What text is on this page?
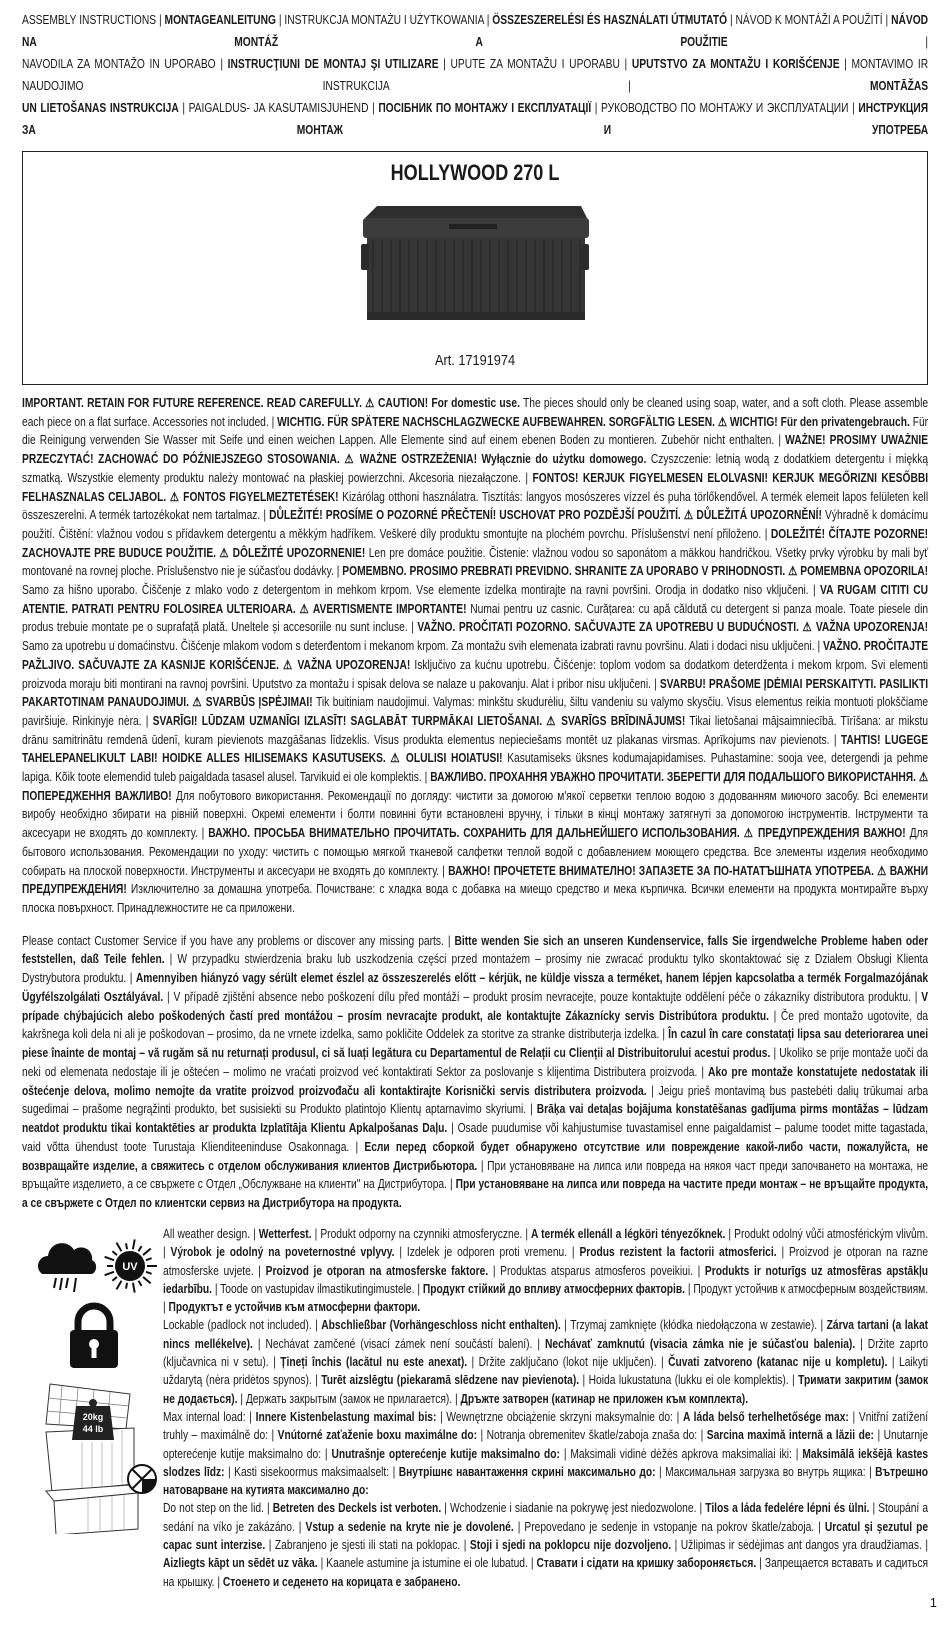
ASSEMBLY INSTRUCTIONS | MONTAGEANLEITUNG | INSTRUKCJA MONTAŻU I UŻYTKOWANIA | ÖSSZESZERELÉSI ÉS HASZNÁLATI ÚTMUTATÓ | NÁVOD K MONTÁŽI A POUŽITÍ | NÁVOD NA MONTÁŽ A POUŽITIE |
NAVODILA ZA MONTAŽO IN UPORABO | INSTRUCŢIUNI DE MONTAJ ŞI UTILIZARE | UPUTE ZA MONTAŽU I UPORABU | UPUTSTVO ZA MONTAŽU I KORIŠĆENJE | MONTAVIMO IR NAUDOJIMO INSTRUKCIJA | MONTĀŽAS
UN LIETOŠANAS INSTRUKCIJA | PAIGALDUS- JA KASUTAMISJUHEND | ПОСІБНИК ПО МОНТАЖУ І ЕКСПЛУАТАЦІЇ | РУКОВОДСТВО ПО МОНТАЖУ И ЭКСПЛУАТАЦИИ | ИНСТРУКЦИЯ ЗА МОНТАЖ И УПОТРЕБА
HOLLYWOOD 270 L
Art. 17191974
IMPORTANT. RETAIN FOR FUTURE REFERENCE. READ CAREFULLY. ⚠ CAUTION! For domestic use. The pieces should only be cleaned using soap, water, and a soft cloth. Please assemble each piece on a flat surface. Accessories not included. | WICHTIG. FÜR SPÄTERE NACHSCHLAGZWECKE AUFBEWAHREN. SORGFÄLTIG LESEN. ⚠ WICHTIG! Für den privatengebrauch. Für die Reinigung verwenden Sie Wasser mit Seife und einen weichen Lappen. Alle Elemente sind auf einem ebenen Boden zu montieren. Zubehör nicht enthalten. | WAŻNE! PROSIMY UWAŻNIE PRZECZYTAĆ! ZACHOWAĆ DO PÓŹNIEJSZEGO STOSOWANIA. ⚠ WAŻNE OSTRZEŻENIA! Wyłącznie do użytku domowego. Czyszczenie: letnią wodą z dodatkiem detergentu i miękką szmatką. Wszystkie elementy produktu należy montować na płaskiej powierzchni. Akcesoria niezałączone. | FONTOS! KERJUK FIGYELMESEN ELOLVASNI! KERJUK MEGŐRIZNI KESŐBBI FELHASZNALAS CELJABOL. ⚠ FONTOS FIGYELMEZTETÉSEK! Kizárólag otthoni használatra. Tisztítás: langyos mosószeres vízzel és puha törlőkendővel. A termék elemeit lapos felületen kell összeszerelni. A termék tartozékokat nem tartalmaz. | DŮLEŽITÉ! PROSÍME O POZORNÉ PŘEČTENÍ! USCHOVAT PRO POZDĚJŠÍ POUŽITÍ. ⚠ DŮLEŽITÁ UPOZORNĚNÍ! Výhradně k domácímu použití. Čištění: vlažnou vodou s přídavkem detergentu a měkkým hadříkem. Veškeré díly produktu smontujte na plochém povrchu. Příslušenství není přiloženo. | DOLEŽITÉ! ČÍTAJTE POZORNE! ZACHOVAJTE PRE BUDUCE POUŽITIE. ⚠ DÔLEŽITÉ UPOZORNENIE! Len pre domáce použitie. Čistenie: vlažnou vodou so saponátom a mäkkou handričkou. Všetky prvky výrobku by mali byť montované na rovnej ploche. Príslušenstvo nie je súčasťou dodávky. | POMEMBNO. PROSIMO PREBRATI PREVIDNO. SHRANITE ZA UPORABO V PRIHODNOSTI. ⚠ POMEMBNA OPOZORILA! Samo za hišno uporabo. Čiščenje z mlako vodo z detergentom in mehkom krpom. Vse elemente izdelka montirajte na ravni površini. Orodja in dodatko niso vključeni. | VA RUGAM CITITI CU ATENTIE. PATRATI PENTRU FOLOSIREA ULTERIOARA. ⚠ AVERTISMENTE IMPORTANTE! Numai pentru uz casnic. Curățarea: cu apă căldută cu detergent si panza moale. Toate piesele din produs trebuie montate pe o suprafață plată. Uneltele și accesoriile nu sunt incluse. | VAŽNO. PROČITATI POZORNO. SAČUVAJTE ZA UPOTREBU U BUDUĆNOSTI. ⚠ VAŽNA UPOZORENJA! Samo za upotrebu u domaćinstvu. Čišćenje mlakom vodom s deterđentom i mekanom krpom. Za montažu svih elemenata izabrati ravnu površinu. Alati i dodaci nisu uključeni. | VAŽNO. PROČITAJTE PAŽLJIVO. SAČUVAJTE ZA KASNIJE KORIŠĆENJE. ⚠ VAŽNA UPOZORENJA! Isključivo za kućnu upotrebu. Čišćenje: toplom vodom sa dodatkom deterdženta i mekom krpom. Svi elementi proizvoda moraju biti montirani na ravnoj površini. Uputstvo za montažu i spisak delova se nalaze u pakovanju. Alat i pribor nisu uključeni. | SVARBU! PRAŠOME ĮDĖMIAI PERSKAITYTI. PASILIKTI PAKARTOTINAM PANAUDOJIMUI. ⚠ SVARBŪS ĮSPĖJIMAI! Tik buitiniam naudojimui. Valymas: minkštu skudurėliu, šiltu vandeniu su valymo skysčiu. Visus elementus reikia montuoti plokščiame paviršiuje. Rinkinyje nėra. | SVARĪGI! LŪDZAM UZMANĪGI IZLASĪT! SAGLABĀT TURPMĀKAI LIETOŠANAI. ⚠ SVARĪGS BRĪDINĀJUMS! Tikai lietošanai mājsaimniecībā. Tīrīšana: ar mikstu drānu samitrinātu remdenā ūdenī, kuram pievienots mazgāšanas līdzeklis. Visus produkta elementus nepieciešams montēt uz plakanas virsmas. Aprīkojums nav pievienots. | TAHTIS! LUGEGE TAHELEPANELIKULT LABI! HOIDKE ALLES HILISEMAKS KASUTUSEKS. ⚠ OLULISI HOIATUSI! Kasutamiseks üksnes kodumajapidamises. Puhastamine: sooja vee, detergendi ja pehme lapiga. Kõik toote elemendid tuleb paigaldada tasasel alusel. Tarvikuid ei ole komplektis. | ВАЖЛИВО. ПРОХАННЯ УВАЖНО ПРОЧИТАТИ. ЗБЕРЕГТИ ДЛЯ ПОДАЛЬШОГО ВИКОРИСТАННЯ. ⚠ ПОПЕРЕДЖЕННЯ ВАЖЛИВО! Для побутового використання. Рекомендації по догляду: чистити за домогою м'якої серветки теплою водою з додованням миючого засобу. Всі елементи виробу необхідно збирати на рівній поверхні. Окремі елементи і болти повинні бути встановлені вручну, і тільки в кінці монтажу затягнуті за допомогою інструментів. Інструменти та аксесуари не входять до комплекту. | ВАЖНО. ПРОСЬБА ВНИМАТЕЛЬНО ПРОЧИТАТЬ. СОХРАНИТЬ ДЛЯ ДАЛЬНЕЙШЕГО ИСПОЛЬЗОВАНИЯ. ⚠ ПРЕДУПРЕЖДЕНИЯ ВАЖНО! Для бытового использования. Рекомендации по уходу: чистить с помощью мягкой тканевой салфетки теплой водой с добавлением моющего средства. Все элементы изделия необходимо собирать на плоской поверхности. Инструменты и аксесуари не входять до комплекту. | ВАЖНО! ПРОЧЕТЕТЕ ВНИМАТЕЛНО! ЗАПАЗЕТЕ ЗА ПО-НАТАТЪШНАТА УПОТРЕБА. ⚠ ВАЖНИ ПРЕДУПРЕЖДЕНИЯ! Изключително за домашна употреба. Почистване: с хладка вода с добавка на миещо средство и мека кърпичка. Всички елементи на продукта монтирайте върху плоска повърхност. Принадлежностите не са приложени.
Please contact Customer Service if you have any problems or discover any missing parts. | Bitte wenden Sie sich an unseren Kundenservice, falls Sie irgendwelche Probleme haben oder feststellen, daß Teile fehlen. | W przypadku stwierdzenia braku lub uszkodzenia części przed montażem – prosimy nie zwracać produktu tylko skontaktować się z Działem Obsługi Klienta Dystrybutora produktu. | Amennyiben hiányzó vagy sérült elemet észlel az összeszerelés előtt – kérjük, ne küldje vissza a terméket, hanem lépjen kapcsolatba a termék Forgalmazójának Ügyfélszolgálati Osztályával. | V případě zjištění absence nebo poškození dílu před montáží – produkt prosím nevracejte, pouze kontaktujte oddělení péče o zákazníky distributora produktu. | V prípade chýbajúcich alebo poškodených častí pred montážou – prosím nevracajte produkt, ale kontaktujte Zákaznícky servis Distribútora produktu. | Če pred montažo ugotovite, da kakršnega koli dela ni ali je poškodovan – prosimo, da ne vrnete izdelka, samo pokličite Oddelek za storitve za stranke distributerja izdelka. | În cazul în care constatați lipsa sau deteriorarea unei piese înainte de montaj – vă rugăm să nu returnați produsul, ci să luați legătura cu Departamentul de Relații cu Clienții al Distribuitorului acestui produs. | Ukoliko se prije montaže uoči da neki od elemenata nedostaje ili je oštećen – molimo ne vraćati proizvod već kontaktirati Sektor za poslovanje s klijentima Distributera proizvoda. | Ako pre montaže konstatujete nedostatak ili oštećenje delova, molimo nemojte da vratite proizvod proizvođaču ali kontaktirajte Korisnički servis distributera proizvoda. | Jeigu prieš montavimą bus pastebėti dalių trūkumai arba sugedimai – prašome negrąžinti produkto, bet susisiekti su Produkto platintojo Klientų aptarnavimo skyriumi. | Brāķa vai detaļas bojājuma konstatēšanas gadījuma pirms montāžas – lūdzam neatdot produktu tikai kontaktēties ar produkta Izplatītāja Klientu Apkalpošanas Daļu. | Osade puudumise või kahjustumise tuvastamisel enne paigaldamist – palume toodet mitte tagastada, vaid võtta ühendust toote Turustaja Klienditeeninduse Osakonnaga. | Если перед сборкой будет обнаружено отсутствие или повреждение какой-либо части, пожалуйста, не возвращайте изделие, а свяжитесь с отделом обслуживания клиентов Дистрибьютора. | При установяване на липса или повреда на някоя част преди започването на монтажа, не връщайте изделието, а се свържете с Отдел „Обслужване на клиенти" на Дистрибутора. | При установяване на липса или повреда на частите преди монтаж – не връщайте продукта, а се свържете с Отдел по клиентски сервиз на Дистрибутора на продукта.
UV
20kg
44 lb
All weather design. | Wetterfest. | Produkt odporny na czynniki atmosferyczne. | A termék ellenáll a légköri tényezőknek. | Produkt odolný vůči atmosférickým vlivům. | Výrobok je odolný na poveternostné vplyvy. | Izdelek je odporen proti vremenu. | Produs rezistent la factorii atmosferici. | Proizvod je otporan na razne atmosferske uvjete. | Proizvod je otporan na atmosferske faktore. | Produktas atsparus atmosferos poveikiui. | Produkts ir noturīgs uz atmosfēras apstākļu iedarbību. | Toode on vastupidav ilmastikutingimustele. | Продукт стійкий до впливу атмосферних факторів. | Продукт устойчив к атмосферным воздействиям. | Продуктът е устойчив към атмосферни фактори.
Lockable (padlock not included). | Abschließbar (Vorhängeschloss nicht enthalten). | Trzymaj zamknięte (kłódka niedołączona w zestawie). | Zárva tartani (a lakat nincs mellékelve). | Nechávat zamčené (visací zámek není součástí balení). | Nechávať zamknutú (visacia zámka nie je súčasťou balenia). | Držite zaprto (ključavnica ni v setu). | Țineți închis (lacătul nu este anexat). | Držite zaključano (lokot nije uključen). | Čuvati zatvoreno (katanac nije u kompletu). | Laikyti uždarytą (nėra pridėtos spynos). | Turēt aizslēgtu (piekaramā slēdzene nav pievienota). | Hoida lukustatuna (lukku ei ole komplektis). | Тримати закритим (замок не додається). | Держать закрытым (замок не прилагается). | Дръжте затворен (катинар не приложен към комплекта).
Max internal load: | Innere Kistenbelastung maximal bis: | Wewnętrzne obciążenie skrzyni maksymalnie do: | A láda belső terhelhetősége max: | Vnitřní zatížení truhly – maximálně do: | Vnútorné zaťaženie boxu maximálne do: | Notranja obremenitev škatle/zaboja znaša do: | Sarcina maximă internă a lăzii de: | Unutarnje opterećenje kutije maksimalno do: | Unutrašnje opterećenje kutije maksimalno do: | Maksimali vidinė dėžės apkrova maksimaliai iki: | Maksimālā iekšējā kastes slodzes līdz: | Kasti sisekoormus maksimaalselt: | Внутрішнє навантаження скрині максимально до: | Максимальная загрузка во внутрь ящика: | Вътрешно натоварване на кутията максимално до:
Do not step on the lid. | Betreten des Deckels ist verboten. | Wchodzenie i siadanie na pokrywę jest niedozwolone. | Tilos a láda fedelére lépni és ülni. | Stoupání a sedání na víko je zakázáno. | Vstup a sedenie na kryte nie je dovolené. | Prepovedano je sedenje in vstopanje na pokrov škatle/zaboja. | Urcatul și șezutul pe capac sunt interzise. | Zabranjeno je sjesti ili stati na poklopac. | Stoji i sjedi na poklopcu nije dozvoljeno. | Užlipimas ir sėdėjimas ant dangos yra draudžiamas. | Aizliegts kāpt un sēdēt uz vāka. | Kaanele astumine ja istumine ei ole lubatud. | Ставати і сідати на кришку забороняється. | Запрещается вставать и садиться на крышку. | Стоенето и седенето на корицата е забранено.
1
